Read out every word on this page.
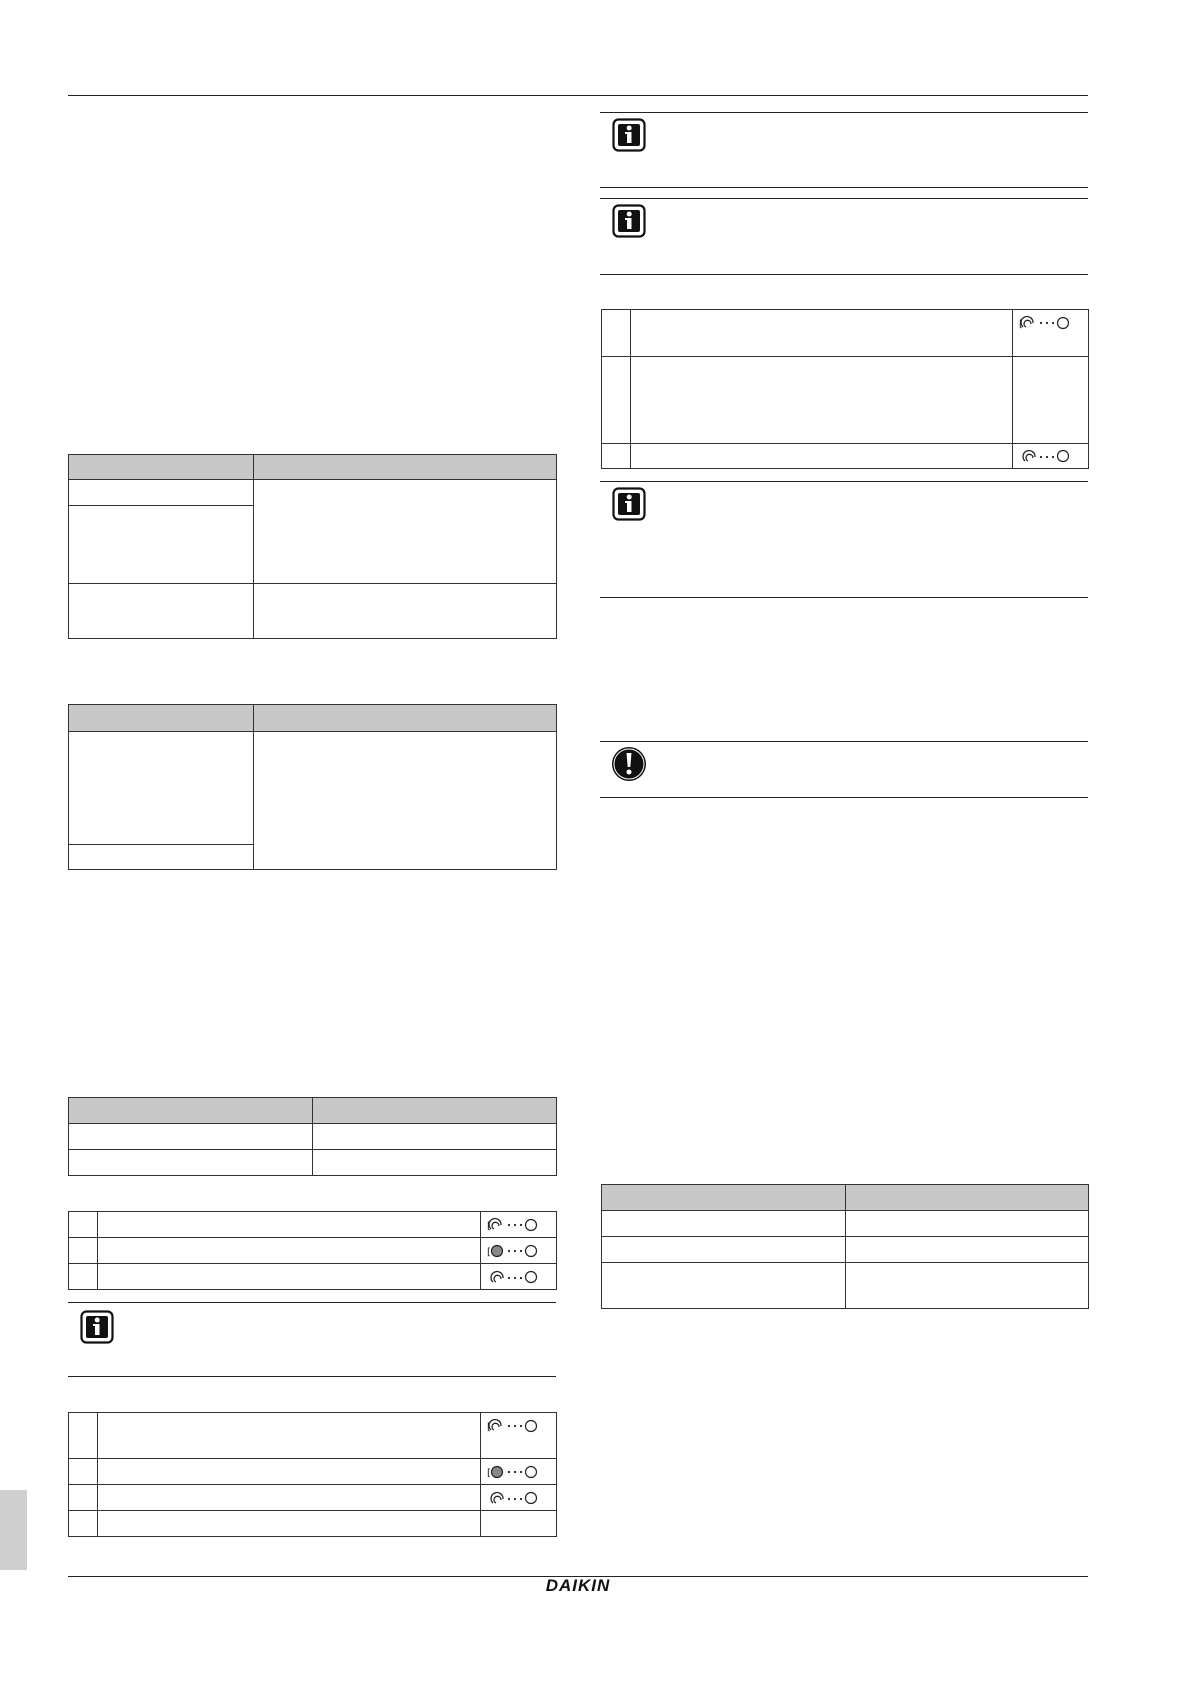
[

[

[

[

[

DAIKIN
